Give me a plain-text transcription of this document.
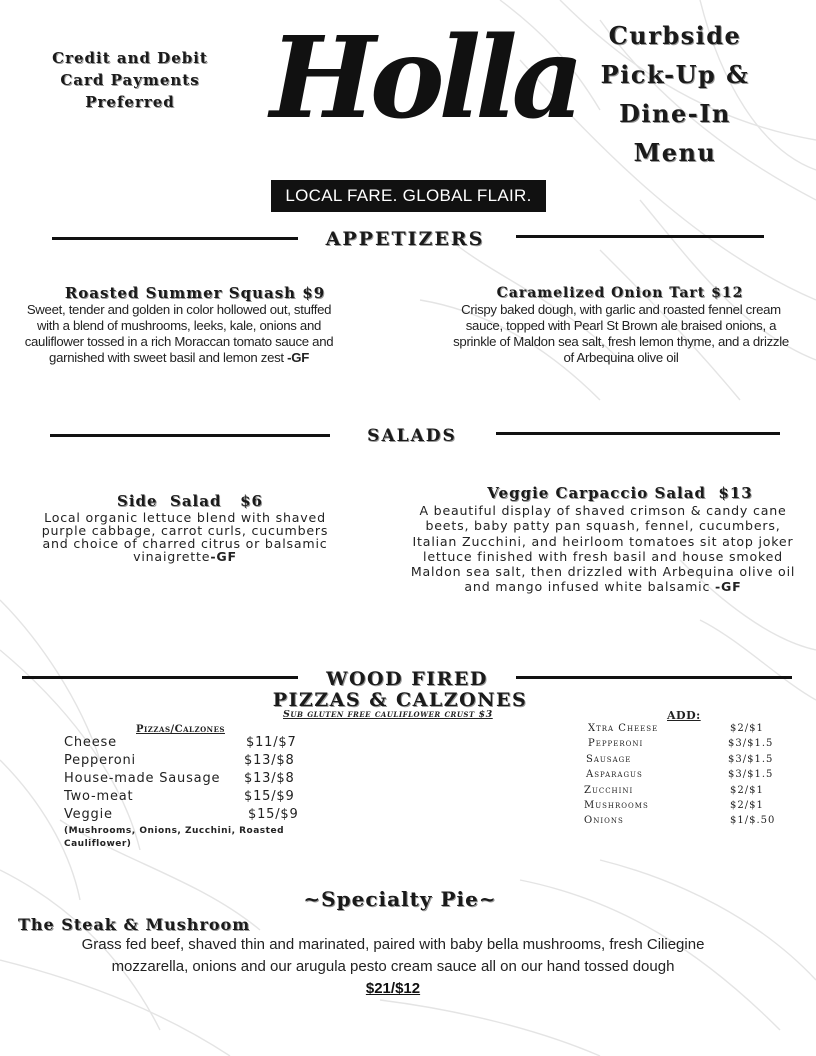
Credit and Debit
Card Payments
Preferred Holla
LOCAL FARE. GLOBAL FLAIR.
Curbside
Pick-Up &
Dine-In
Menu
APPETIZERS
Roasted Summer Squash $9
Sweet, tender and golden in color hollowed out, stuffed
with a blend of mushrooms, leeks, kale, onions and
cauliflower tossed in a rich Moraccan tomato sauce and
garnished with sweet basil and lemon zest -GF
Caramelized Onion Tart $12
Crispy baked dough, with garlic and roasted fennel cream
sauce, topped with Pearl St Brown ale braised onions, a
sprinkle of Maldon sea salt, fresh lemon thyme, and a drizzle
of Arbequina olive oil
SALADS
Side  Salad   $6
Local organic lettuce blend with shaved
purple cabbage, carrot curls, cucumbers
and choice of charred citrus or balsamic
vinaigrette-GF
Veggie Carpaccio Salad  $13
A beautiful display of shaved crimson & candy cane
beets, baby patty pan squash, fennel, cucumbers,
Italian Zucchini, and heirloom tomatoes sit atop joker
lettuce finished with fresh basil and house smoked
Maldon sea salt, then drizzled with Arbequina olive oil
and mango infused white balsamic -GF
WOOD FIRED
PIZZAS & CALZONES
Sub gluten free cauliflower crust $3
Pizzas/Calzones
Cheese	$11/$7
Pepperoni	$13/$8
House-made Sausage $13/$8
Two-meat	$15/$9
Veggie	$15/$9
(Mushrooms, Onions, Zucchini, Roasted
Cauliflower)
ADD:
Xtra Cheese	$2/$1
Pepperoni	$3/$1.5
Sausage	$3/$1.5
Asparagus	$3/$1.5
Zucchini	$2/$1
Mushrooms	$2/$1
Onions	$1/$.50
~Specialty Pie~
The Steak & Mushroom
Grass fed beef, shaved thin and marinated, paired with baby bella mushrooms, fresh Ciliegine
mozzarella, onions and our arugula pesto cream sauce all on our hand tossed dough
$21/$12
